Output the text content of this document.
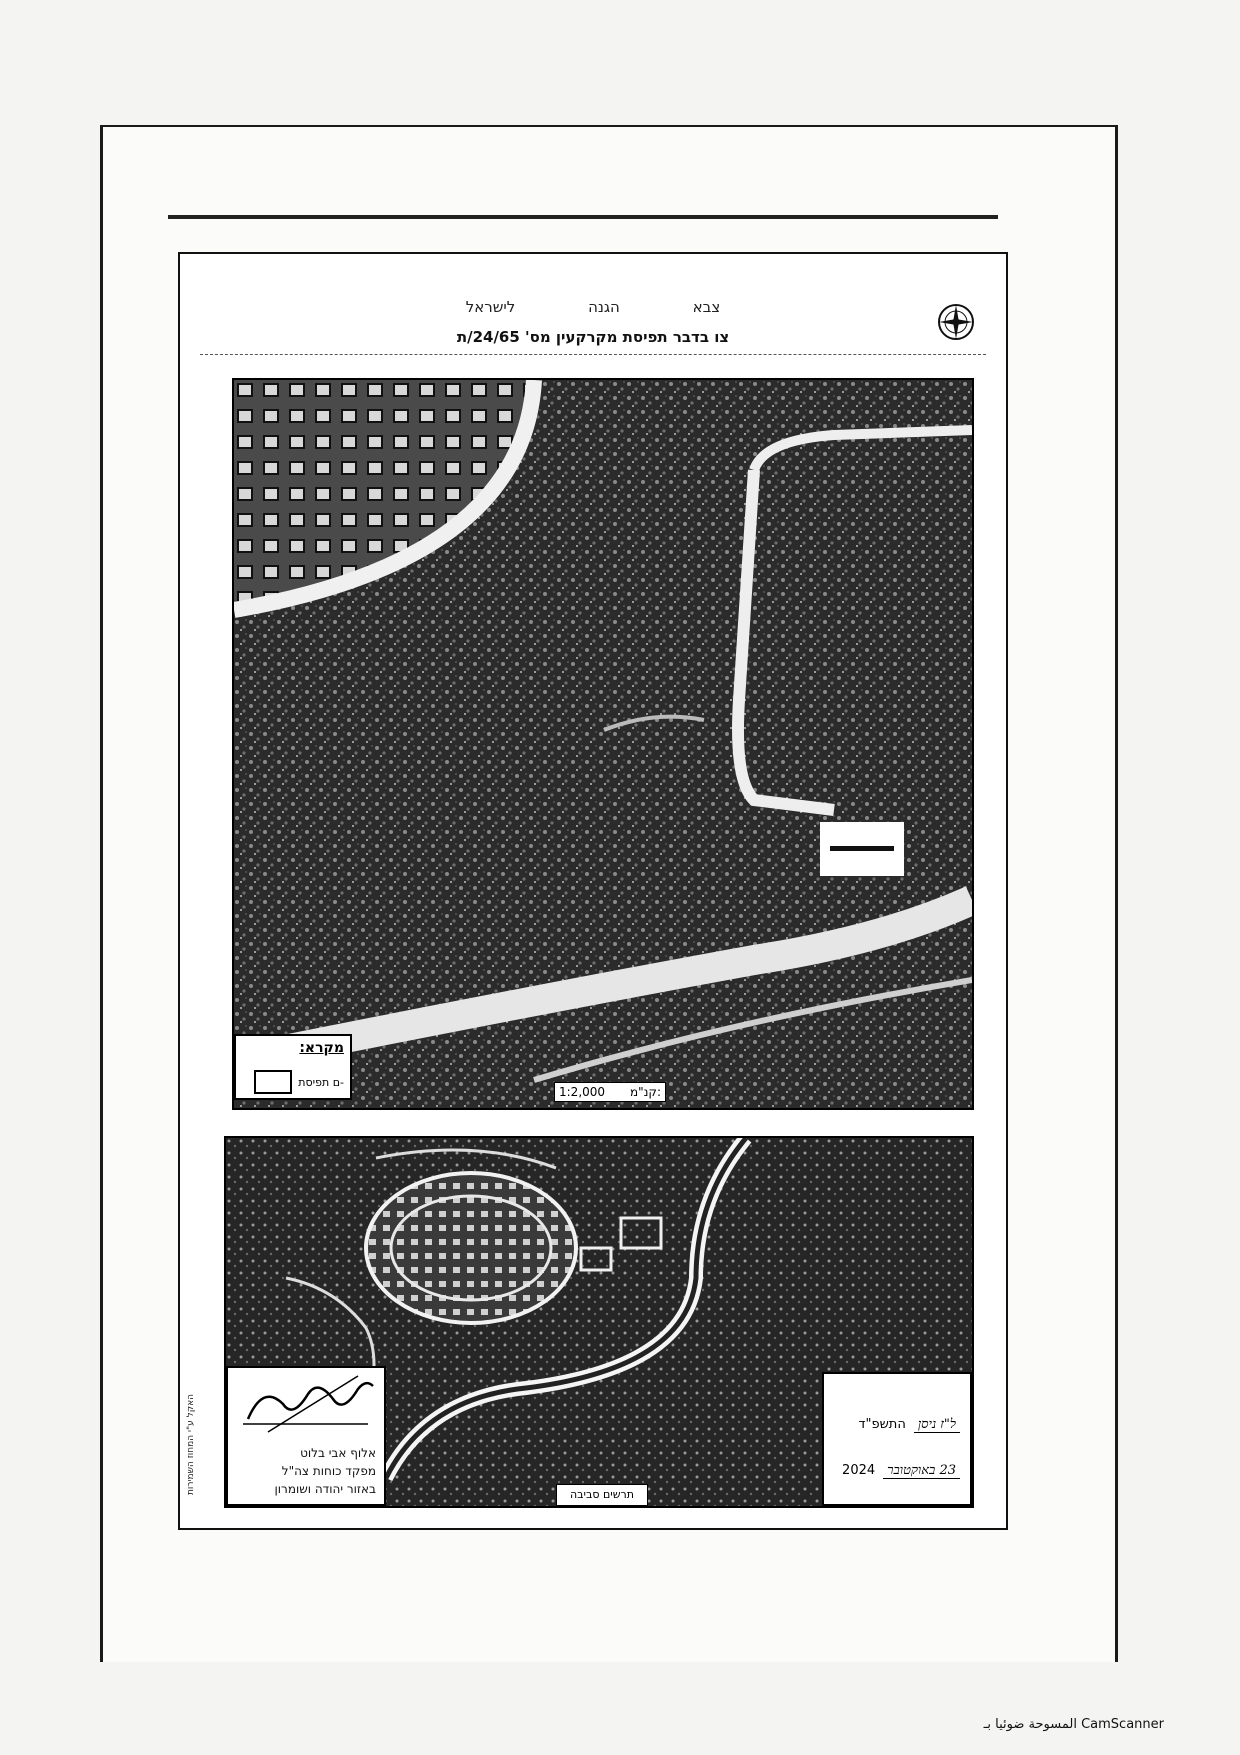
צבא הגנה לישראל
צו בדבר תפיסת מקרקעין מס' 24/65/ת
מקרא:
-ם תפיסת
1:2,000 קנ"מ:
אלוף אבי בלוט
מפקד כוחות צה"ל
באזור יהודה ושומרון	תרשים סביבה
ל"ז ניסן
התשפ"ד
23 באוקטובר
2024
האקל ע"י המחוז השמירות
CamScanner المسوحة ضوئيا بـ
